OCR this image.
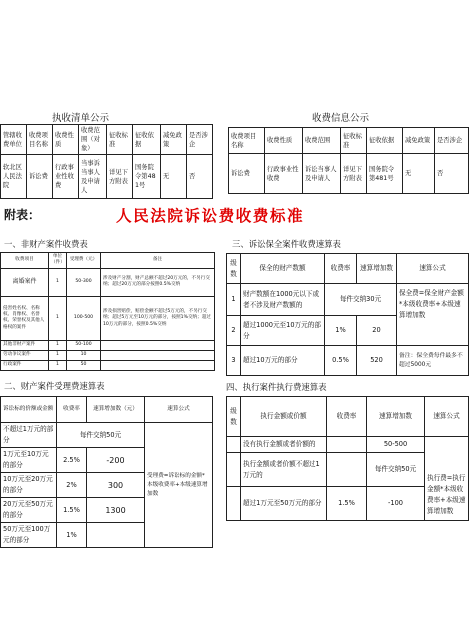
执收清单公示
管辖收费单位	收费项目名称	收费性质	收费范围（对象）	征收标准	征收依据	减免政策	是否涉企
软北区人民法院	诉讼费	行政事业性收费	当事诉当事人及申请人	详见下方附表	国务院令第481号	无	否
收费信息公示
收费项目名称	收费性质	收费范围	征收标准	征收依据	减免政策	是否涉企
诉讼费	行政事业性收费	诉讼当事人及申请人	详见下方附表	国务院令第481号	无	否
附表：	人民法院诉讼费收费标准
一、非财产案件收费表
收费项目	单位（件）	受理费（元）	备注
离婚案件	1	50-300	涉及财产分割，财产总额不超过20万元的，不另行交纳；超过20万元的部分按照0.5%交纳
侵害姓名权、名称权、肖像权、名誉权、荣誉权及其他人格权的案件	1	100-500	涉及损害赔偿，赔偿金额不超过5万元的，不另行交纳；超过5万元至10万元的部分，按照1%交纳；超过10万元的部分，按照0.5%交纳
其他非财产案件	1	50-100	
劳动争议案件	1	10	
行政案件	1	50	
二、财产案件受理费速算表
诉讼标的价额或金额	收费率	速算增加数（元）	速算公式
不超过1万元的部分	每件交纳50元		受理费=诉讼标的金额*本级收费率+本级速算增加数
1万元至10万元的部分	2.5%	-200	
10万元至20万元的部分	2%	300	
20万元至50万元的部分	1.5%	1300	
50万元至100万元的部分	1%		
三、诉讼保全案件收费速算表
级数	保全的财产数额	收费率	速算增加数	速算公式
1	财产数额在1000元以下或者不涉及财产数额的	每件交纳30元		保全费=保全财产金额*本级收费率+本级速算增加数
2	超过1000元至10万元的部分	1%	20	
3	超过10万元的部分	0.5%	520	备注：保全费每件最多不超过5000元
四、执行案件执行费速算表
级数	执行金额或价额	收费率	速算增加数	速算公式
	没有执行金额或者价额的		50-500	执行费=执行金额*本级收费率+本级速算增加数
	执行金额或者价额不超过1万元的		每件交纳50元	
	超过1万元至50万元的部分	1.5%	-100	
